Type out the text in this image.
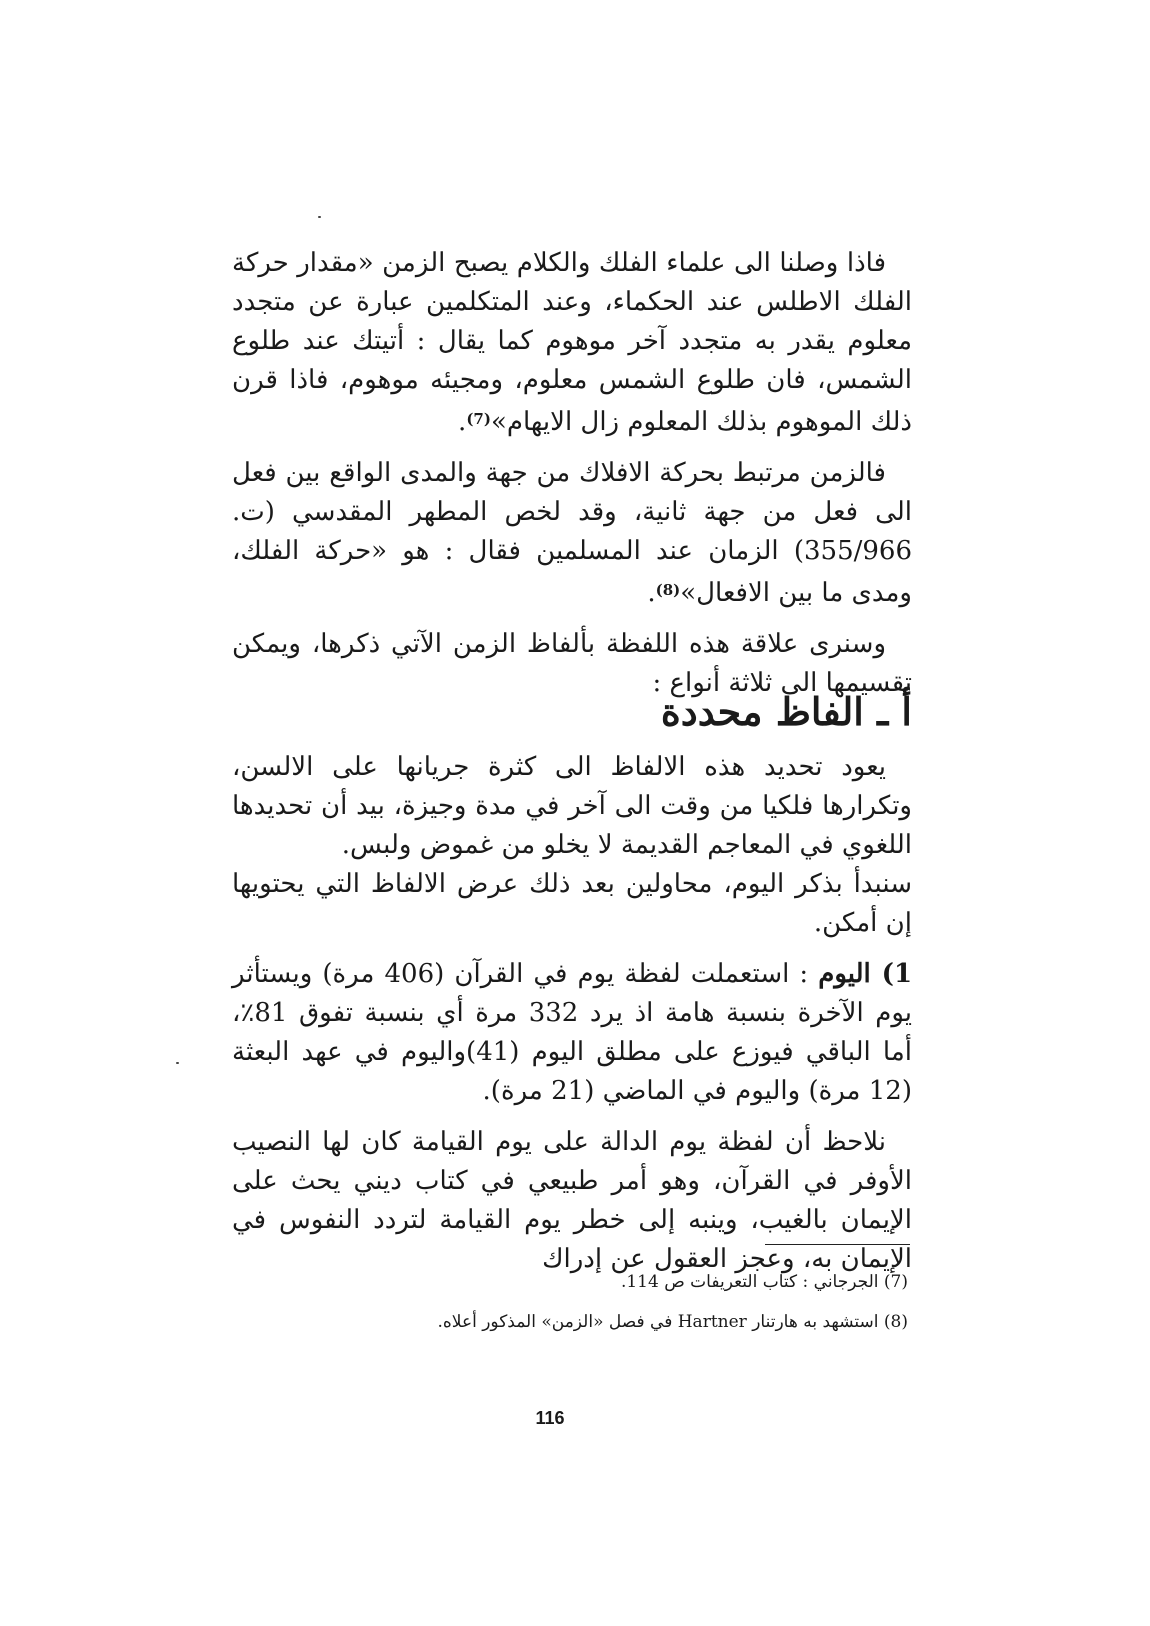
فاذا وصلنا الى علماء الفلك والكلام يصبح الزمن «مقدار حركة الفلك الاطلس عند الحكماء، وعند المتكلمين عبارة عن متجدد معلوم يقدر به متجدد آخر موهوم كما يقال : أتيتك عند طلوع الشمس، فان طلوع الشمس معلوم، ومجيئه موهوم، فاذا قرن ذلك الموهوم بذلك المعلوم زال الايهام»$^{(7)}$.

فالزمن مرتبط بحركة الافلاك من جهة والمدى الواقع بين فعل الى فعل من جهة ثانية، وقد لخص المطهر المقدسي (ت. 355/966) الزمان عند المسلمين فقال : هو «حركة الفلك، ومدى ما بين الافعال»$^{(8)}$.

وسنرى علاقة هذه اللفظة بألفاظ الزمن الآتي ذكرها، ويمكن تقسيمها الى ثلاثة أنواع :

أ ـ الفاظ محددة

يعود تحديد هذه الالفاظ الى كثرة جريانها على الالسن، وتكرارها فلكيا من وقت الى آخر في مدة وجيزة، بيد أن تحديدها اللغوي في المعاجم القديمة لا يخلو من غموض ولبس.

سنبدأ بذكر اليوم، محاولين بعد ذلك عرض الالفاظ التي يحتويها إن أمكن.

1) اليوم : استعملت لفظة يوم في القرآن (406 مرة) ويستأثر يوم الآخرة بنسبة هامة اذ يرد 332 مرة أي بنسبة تفوق 81٪، أما الباقي فيوزع على مطلق اليوم (41)واليوم في عهد البعثة (12 مرة) واليوم في الماضي (21 مرة).

نلاحظ أن لفظة يوم الدالة على يوم القيامة كان لها النصيب الأوفر في القرآن، وهو أمر طبيعي في كتاب ديني يحث على الإيمان بالغيب، وينبه إلى خطر يوم القيامة لتردد النفوس في الإيمان به، وعجز العقول عن إدراك

(7) الجرجاني : كتاب التعريفات ص 114.

(8) استشهد به هارتنار Hartner في فصل «الزمن» المذكور أعلاه.

116
